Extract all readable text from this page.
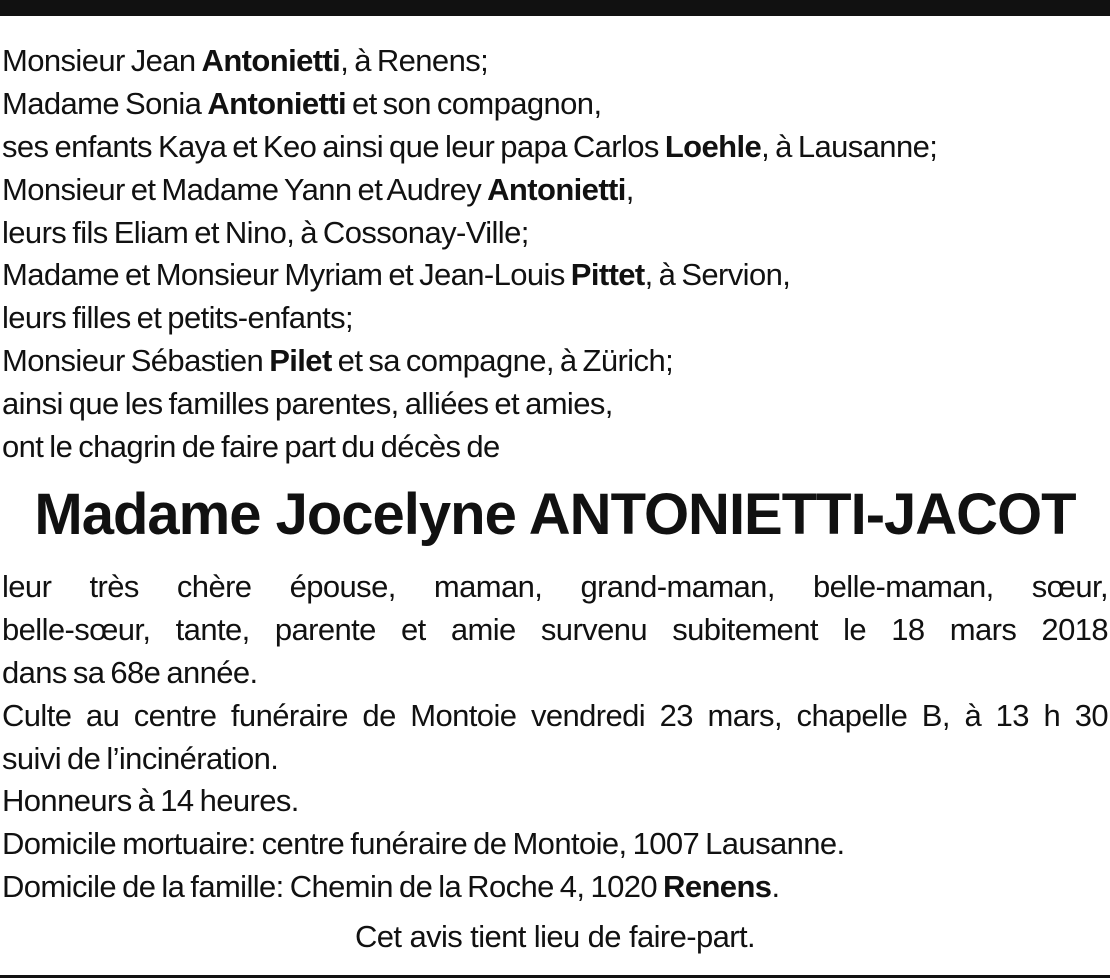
Monsieur Jean Antonietti, à Renens;
Madame Sonia Antonietti et son compagnon,
ses enfants Kaya et Keo ainsi que leur papa Carlos Loehle, à Lausanne;
Monsieur et Madame Yann et Audrey Antonietti,
leurs fils Eliam et Nino, à Cossonay-Ville;
Madame et Monsieur Myriam et Jean-Louis Pittet, à Servion,
leurs filles et petits-enfants;
Monsieur Sébastien Pilet et sa compagne, à Zürich;
ainsi que les familles parentes, alliées et amies,
ont le chagrin de faire part du décès de
Madame Jocelyne ANTONIETTI-JACOT
leur très chère épouse, maman, grand-maman, belle-maman, sœur,
belle-sœur, tante, parente et amie survenu subitement le 18 mars 2018
dans sa 68e année.
Culte au centre funéraire de Montoie vendredi 23 mars, chapelle B, à 13 h 30
suivi de l’incinération.
Honneurs à 14 heures.
Domicile mortuaire: centre funéraire de Montoie, 1007 Lausanne.
Domicile de la famille: Chemin de la Roche 4, 1020 Renens.
Cet avis tient lieu de faire-part.
